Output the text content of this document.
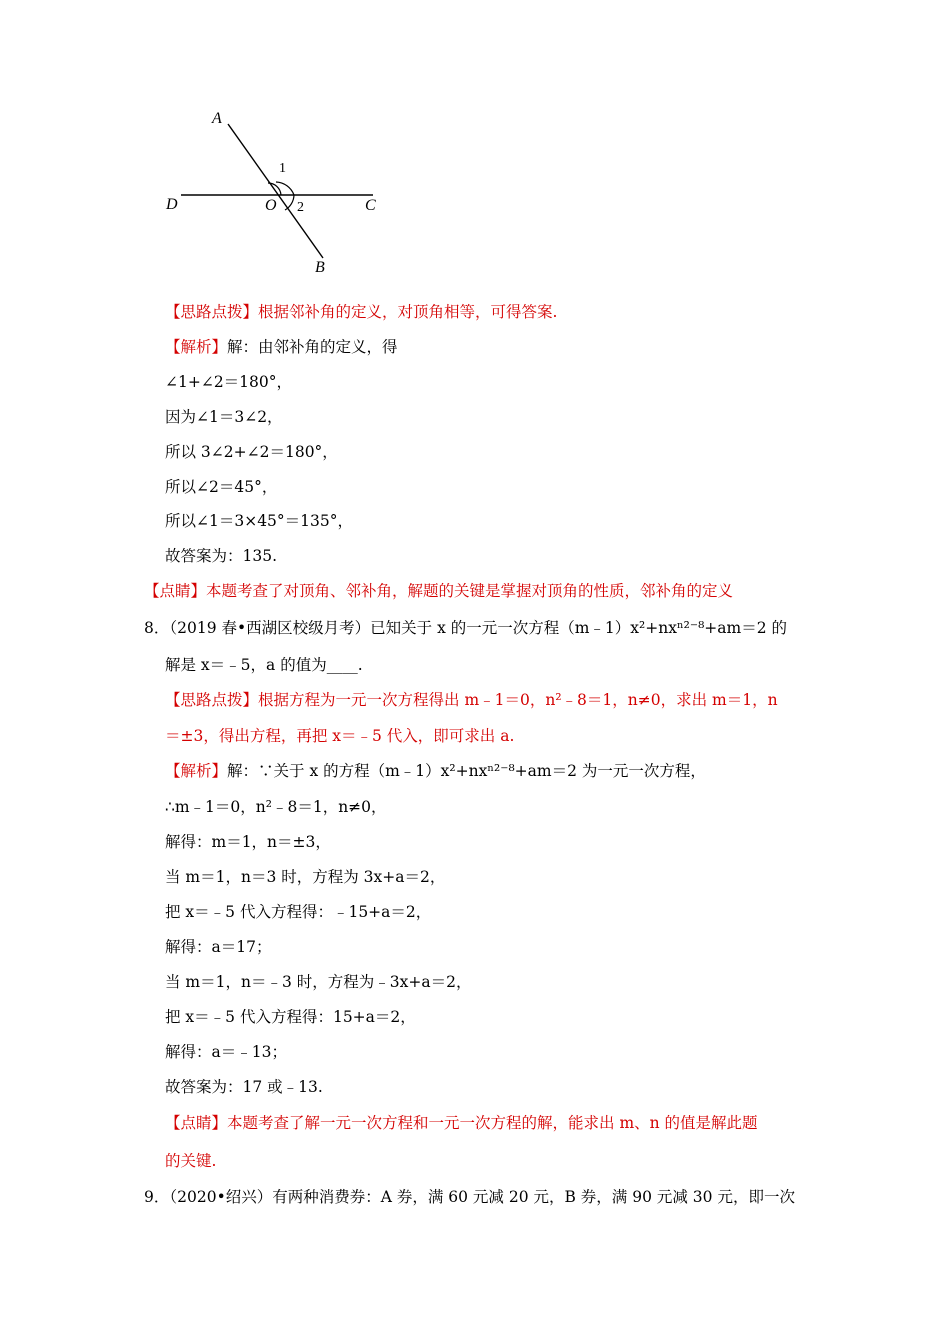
A
D	O
1
2	C
B
【思路点拨】根据邻补角的定义，对顶角相等，可得答案.
【解析】解：由邻补角的定义，得
∠1+∠2＝180°，
因为∠1＝3∠2，
所以 3∠2+∠2＝180°，
所以∠2＝45°，
所以∠1＝3×45°＝135°，
故答案为：135.
【点睛】本题考查了对顶角、邻补角，解题的关键是掌握对顶角的性质，邻补角的定义
8．（2019 春•西湖区校级月考）已知关于 x 的一元一次方程（m﹣1）x²+nxⁿ²⁻⁸+am＝2 的
解是 x＝﹣5，a 的值为____.
【思路点拨】根据方程为一元一次方程得出 m﹣1＝0，n²﹣8＝1，n≠0，求出 m＝1，n
＝±3，得出方程，再把 x＝﹣5 代入，即可求出 a.
【解析】解：∵关于 x 的方程（m﹣1）x²+nxⁿ²⁻⁸+am＝2 为一元一次方程，
∴m﹣1＝0，n²﹣8＝1，n≠0，
解得：m＝1，n＝±3，
当 m＝1，n＝3 时，方程为 3x+a＝2，
把 x＝﹣5 代入方程得：﹣15+a＝2，
解得：a＝17；
当 m＝1，n＝﹣3 时，方程为﹣3x+a＝2，
把 x＝﹣5 代入方程得：15+a＝2，
解得：a＝﹣13；
故答案为：17 或﹣13.
【点睛】本题考查了解一元一次方程和一元一次方程的解，能求出 m、n 的值是解此题
的关键.
9．（2020•绍兴）有两种消费券：A 券，满 60 元减 20 元，B 券，满 90 元减 30 元，即一次
